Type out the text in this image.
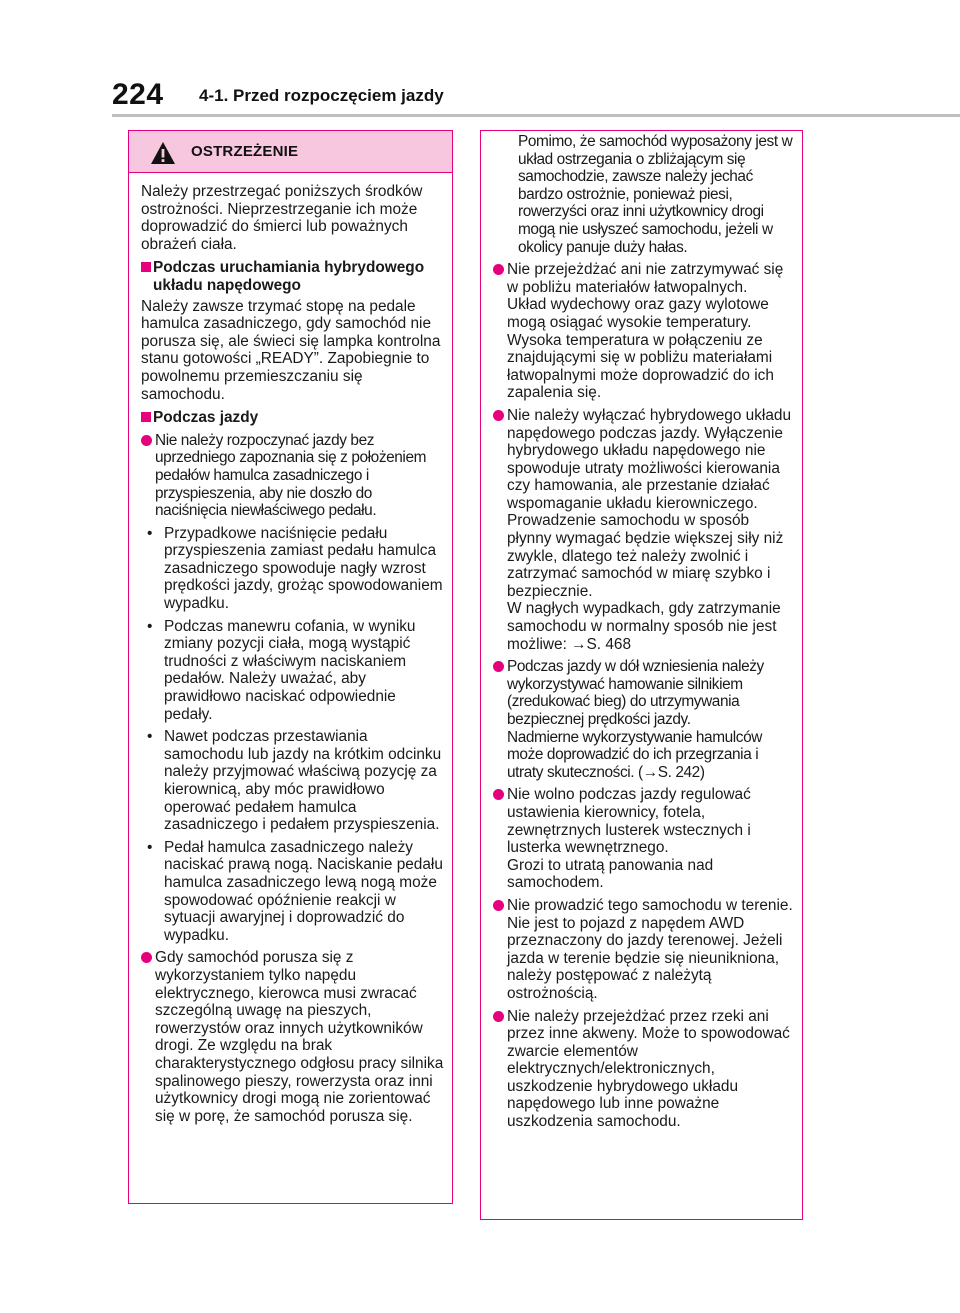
224 4-1. Przed rozpoczęciem jazdy
OSTRZEŻENIE

Należy przestrzegać poniższych środków ostrożności. Nieprzestrzeganie ich może doprowadzić do śmierci lub poważnych obrażeń ciała.

Podczas uruchamiania hybrydowego układu napędowego

Należy zawsze trzymać stopę na pedale hamulca zasadniczego, gdy samochód nie porusza się, ale świeci się lampka kontrolna stanu gotowości „READY”. Zapobiegnie to powolnemu przemieszczaniu się samochodu.

Podczas jazdy
Nie należy rozpoczynać jazdy bez uprzedniego zapoznania się z położeniem pedałów hamulca zasadniczego i przyspieszenia, aby nie doszło do naciśnięcia niewłaściwego pedału.
• Przypadkowe naciśnięcie pedału przyspieszenia zamiast pedału hamulca zasadniczego spowoduje nagły wzrost prędkości jazdy, grożąc spowodowaniem wypadku.
• Podczas manewru cofania, w wyniku zmiany pozycji ciała, mogą wystąpić trudności z właściwym naciskaniem pedałów. Należy uważać, aby prawidłowo naciskać odpowiednie pedały.
• Nawet podczas przestawiania samochodu lub jazdy na krótkim odcinku należy przyjmować właściwą pozycję za kierownicą, aby móc prawidłowo operować pedałem hamulca zasadniczego i pedałem przyspieszenia.
• Pedał hamulca zasadniczego należy naciskać prawą nogą. Naciskanie pedału hamulca zasadniczego lewą nogą może spowodować opóźnienie reakcji w sytuacji awaryjnej i doprowadzić do wypadku.
Gdy samochód porusza się z wykorzystaniem tylko napędu elektrycznego, kierowca musi zwracać szczególną uwagę na pieszych, rowerzystów oraz innych użytkowników drogi. Ze względu na brak charakterystycznego odgłosu pracy silnika spalinowego pieszy, rowerzysta oraz inni użytkownicy drogi mogą nie zorientować się w porę, że samochód porusza się.

Pomimo, że samochód wyposażony jest w układ ostrzegania o zbliżającym się samochodzie, zawsze należy jechać bardzo ostrożnie, ponieważ piesi, rowerzyści oraz inni użytkownicy drogi mogą nie usłyszeć samochodu, jeżeli w okolicy panuje duży hałas.

Nie przejeżdżać ani nie zatrzymywać się w pobliżu materiałów łatwopalnych.
Układ wydechowy oraz gazy wylotowe mogą osiągać wysokie temperatury. Wysoka temperatura w połączeniu ze znajdującymi się w pobliżu materiałami łatwopalnymi może doprowadzić do ich zapalenia się.
Nie należy wyłączać hybrydowego układu napędowego podczas jazdy. Wyłączenie hybrydowego układu napędowego nie spowoduje utraty możliwości kierowania czy hamowania, ale przestanie działać wspomaganie układu kierowniczego. Prowadzenie samochodu w sposób płynny wymagać będzie większej siły niż zwykle, dlatego też należy zwolnić i zatrzymać samochód w miarę szybko i bezpiecznie.
W nagłych wypadkach, gdy zatrzymanie samochodu w normalny sposób nie jest możliwe: →S. 468
Podczas jazdy w dół wzniesienia należy wykorzystywać hamowanie silnikiem (zredukować bieg) do utrzymywania bezpiecznej prędkości jazdy.
Nadmierne wykorzystywanie hamulców może doprowadzić do ich przegrzania i utraty skuteczności. (→S. 242)
Nie wolno podczas jazdy regulować ustawienia kierownicy, fotela, zewnętrznych lusterek wstecznych i lusterka wewnętrznego.
Grozi to utratą panowania nad samochodem.
Nie prowadzić tego samochodu w terenie. Nie jest to pojazd z napędem AWD przeznaczony do jazdy terenowej. Jeżeli jazda w terenie będzie się nieunikniona, należy postępować z należytą ostrożnością.
Nie należy przejeżdżać przez rzeki ani przez inne akweny. Może to spowodować zwarcie elementów elektrycznych/elektronicznych, uszkodzenie hybrydowego układu napędowego lub inne poważne uszkodzenia samochodu.
